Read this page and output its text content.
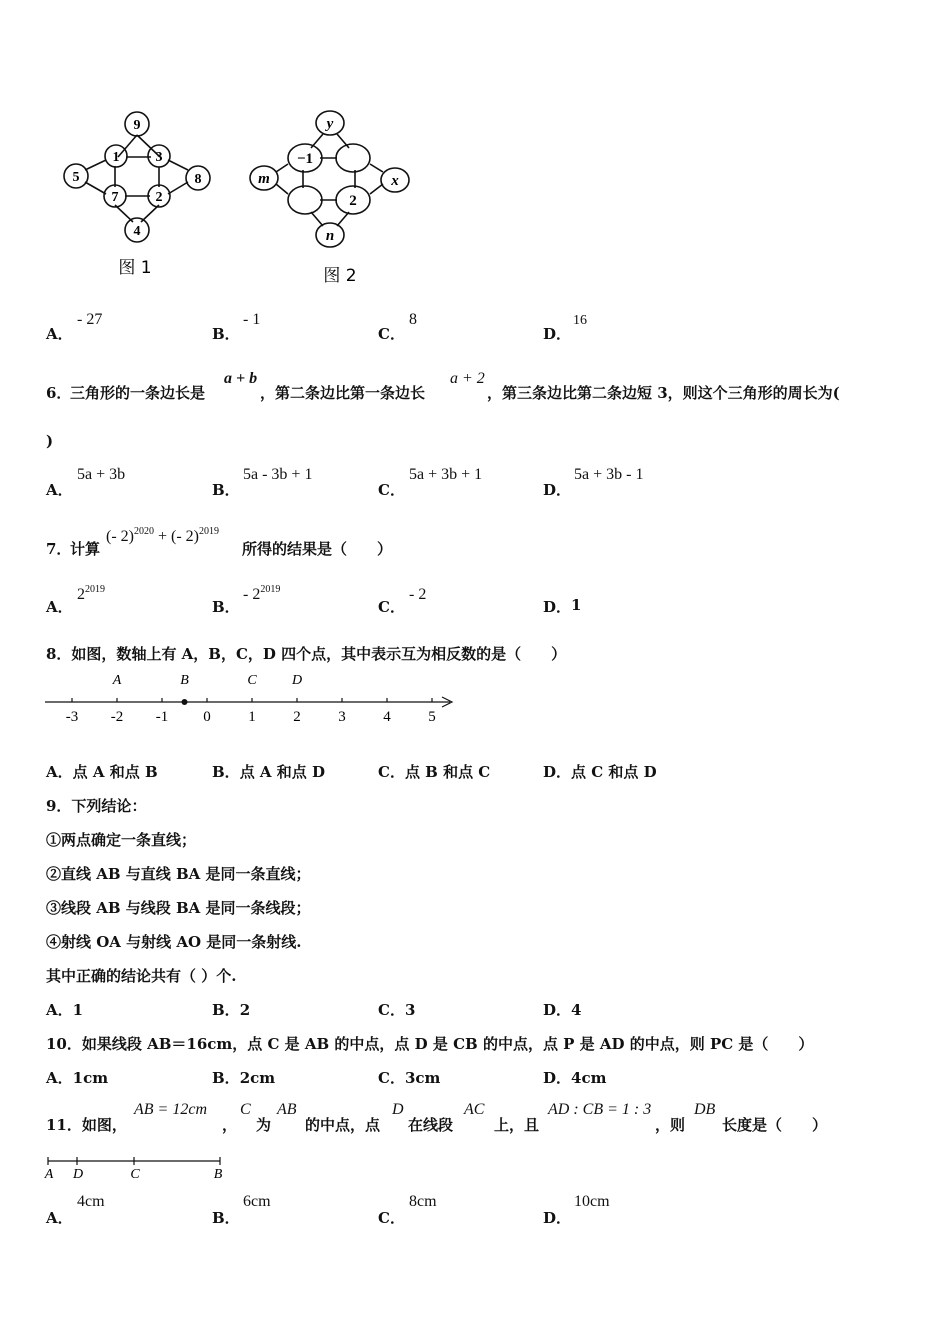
9
1	3
5	8
7	2
4
图 1
y
−1
m	x
2
n
图 2
A．
- 27
B．
- 1
C．
8
D．
16
6．
三角形的一条边长是
a + b
，第二条边比第一条边长
a + 2
，第三条边比第二条边短 3，则这个三角形的周长为(
)
A．
5a + 3b
B．
5a - 3b + 1
C．
5a + 3b + 1
D．
5a + 3b - 1
7．
计算
(- 2)$^{2020}$ + (- 2)$^{2019}$
所得的结果是（　　）
A．
$2^{2019}$
B．
- $2^{2019}$
C．
- 2
D． 1
8．如图，数轴上有 A，B，C，D 四个点，其中表示互为相反数的是（　　）
-3 -2 -1 0	1	2	3	4	5
A	B	C	D
A．点 A 和点 B	B．点 A 和点 D	C．点 B 和点 C	D．点 C 和点 D
9．下列结论：
①两点确定一条直线；
②直线 AB 与直线 BA 是同一条直线；
③线段 AB 与线段 BA 是同一条线段；
④射线 OA 与射线 AO 是同一条射线.
其中正确的结论共有（ ）个.
A．1	B．2	C．3	D．4
10．如果线段 AB＝16cm，点 C 是 AB 的中点，点 D 是 CB 的中点，点 P 是 AD 的中点，则 PC 是（　　）
A．1cm	B．2cm	C．3cm	D．4cm
11．如图，
AB = 12cm
，
C
为
AB
的中点，点
D
在线段
AC
上，且
AD : CB = 1 : 3
，则
DB
长度是（　　）
A D	C	B
A．
4cm
B．
6cm
C．
8cm
D．
10cm
